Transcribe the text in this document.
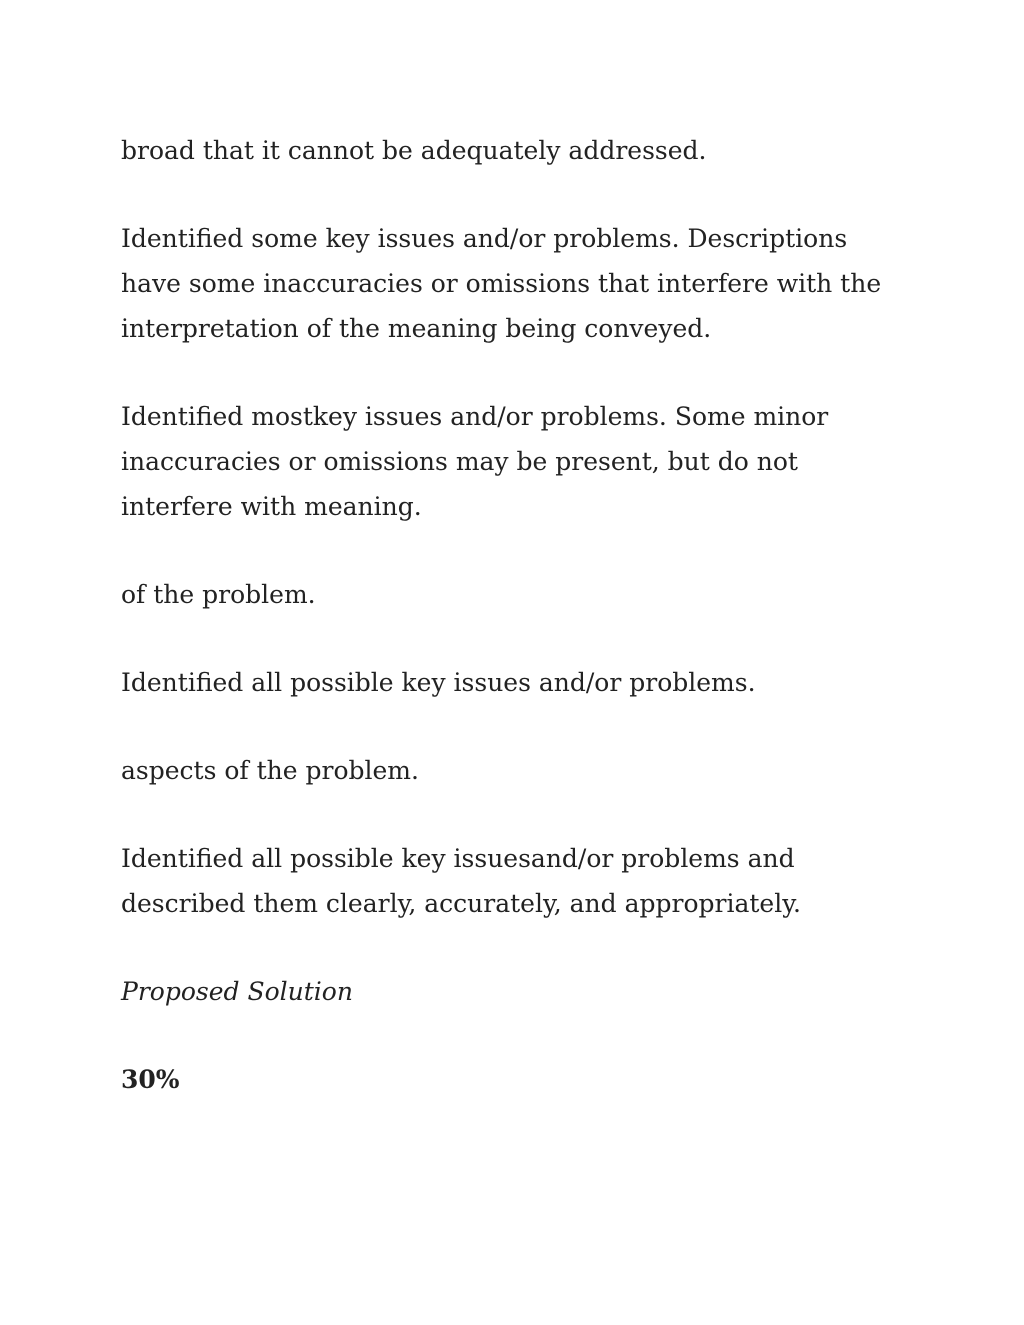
broad that it cannot be adequately addressed.

Identified some key issues and/or problems. Descriptions have some inaccuracies or omissions that interfere with the interpretation of the meaning being conveyed.

Identified mostkey issues and/or problems. Some minor inaccuracies or omissions may be present, but do not interfere with meaning.

of the problem.

Identified all possible key issues and/or problems.

aspects of the problem.

Identified all possible key issuesand/or problems and described them clearly, accurately, and appropriately.

Proposed Solution

30%
